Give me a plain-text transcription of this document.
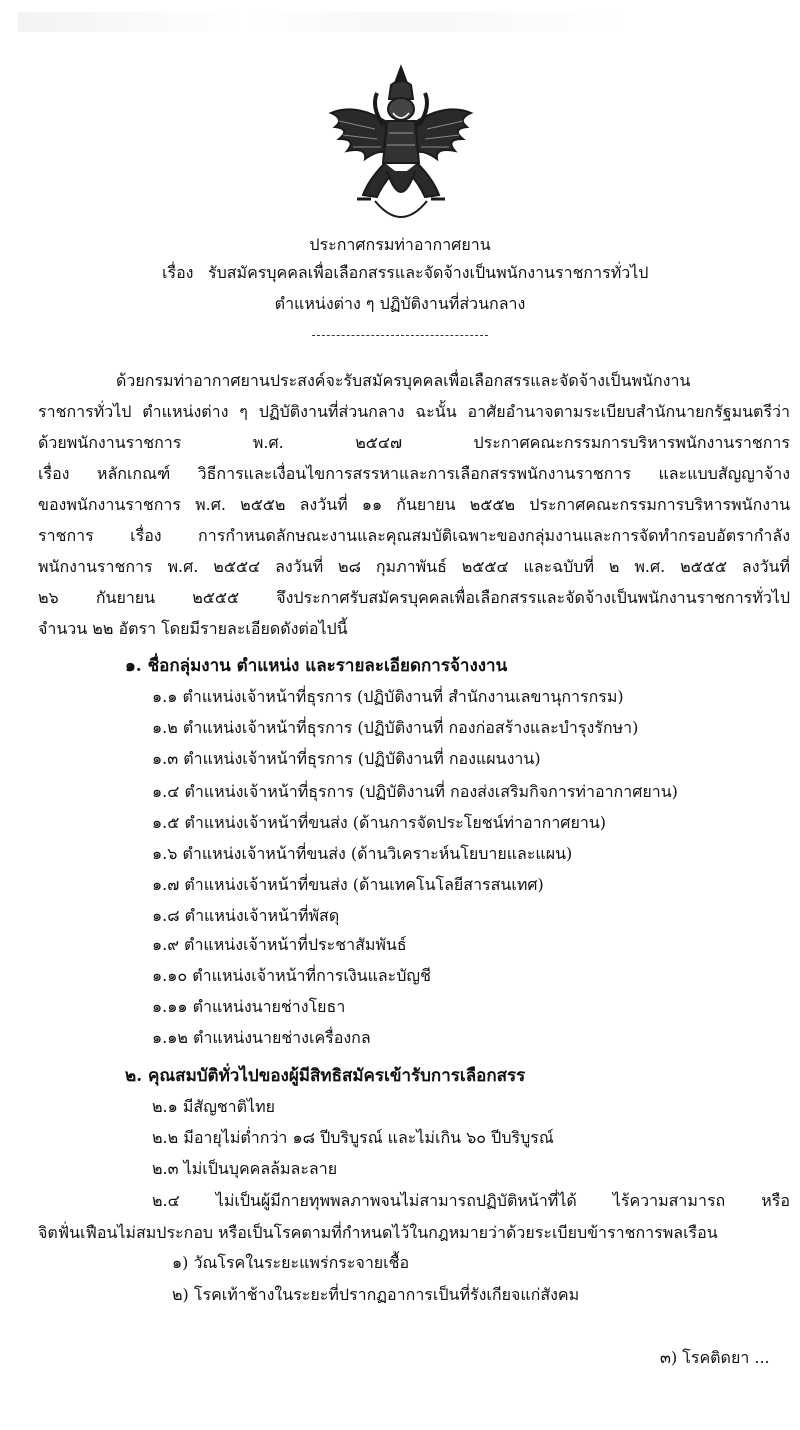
ประกาศกรมท่าอากาศยาน
เรื่อง รับสมัครบุคคลเพื่อเลือกสรรและจัดจ้างเป็นพนักงานราชการทั่วไป
ตำแหน่งต่าง ๆ ปฏิบัติงานที่ส่วนกลาง
ด้วยกรมท่าอากาศยานประสงค์จะรับสมัครบุคคลเพื่อเลือกสรรและจัดจ้างเป็นพนักงาน
ราชการทั่วไป ตำแหน่งต่าง ๆ ปฏิบัติงานที่ส่วนกลาง ฉะนั้น อาศัยอำนาจตามระเบียบสำนักนายกรัฐมนตรีว่า
ด้วยพนักงานราชการ พ.ศ. ๒๕๔๗ ประกาศคณะกรรมการบริหารพนักงานราชการ
เรื่อง หลักเกณฑ์ วิธีการและเงื่อนไขการสรรหาและการเลือกสรรพนักงานราชการ และแบบสัญญาจ้าง
ของพนักงานราชการ พ.ศ. ๒๕๕๒ ลงวันที่ ๑๑ กันยายน ๒๕๕๒ ประกาศคณะกรรมการบริหารพนักงาน
ราชการ เรื่อง การกำหนดลักษณะงานและคุณสมบัติเฉพาะของกลุ่มงานและการจัดทำกรอบอัตรากำลัง
พนักงานราชการ พ.ศ. ๒๕๕๔ ลงวันที่ ๒๘ กุมภาพันธ์ ๒๕๕๔ และฉบับที่ ๒ พ.ศ. ๒๕๕๕ ลงวันที่
๒๖ กันยายน ๒๕๕๕ จึงประกาศรับสมัครบุคคลเพื่อเลือกสรรและจัดจ้างเป็นพนักงานราชการทั่วไป
จำนวน ๒๒ อัตรา โดยมีรายละเอียดดังต่อไปนี้
๑. ชื่อกลุ่มงาน ตำแหน่ง และรายละเอียดการจ้างงาน
๑.๑ ตำแหน่งเจ้าหน้าที่ธุรการ (ปฏิบัติงานที่ สำนักงานเลขานุการกรม)
๑.๒ ตำแหน่งเจ้าหน้าที่ธุรการ (ปฏิบัติงานที่ กองก่อสร้างและบำรุงรักษา)
๑.๓ ตำแหน่งเจ้าหน้าที่ธุรการ (ปฏิบัติงานที่ กองแผนงาน)
๑.๔ ตำแหน่งเจ้าหน้าที่ธุรการ (ปฏิบัติงานที่ กองส่งเสริมกิจการท่าอากาศยาน)
๑.๕ ตำแหน่งเจ้าหน้าที่ขนส่ง (ด้านการจัดประโยชน์ท่าอากาศยาน)
๑.๖ ตำแหน่งเจ้าหน้าที่ขนส่ง (ด้านวิเคราะห์นโยบายและแผน)
๑.๗ ตำแหน่งเจ้าหน้าที่ขนส่ง (ด้านเทคโนโลยีสารสนเทศ)
๑.๘ ตำแหน่งเจ้าหน้าที่พัสดุ
๑.๙ ตำแหน่งเจ้าหน้าที่ประชาสัมพันธ์
๑.๑๐ ตำแหน่งเจ้าหน้าที่การเงินและบัญชี
๑.๑๑ ตำแหน่งนายช่างโยธา
๑.๑๒ ตำแหน่งนายช่างเครื่องกล
๒. คุณสมบัติทั่วไปของผู้มีสิทธิสมัครเข้ารับการเลือกสรร
๒.๑ มีสัญชาติไทย
๒.๒ มีอายุไม่ต่ำกว่า ๑๘ ปีบริบูรณ์ และไม่เกิน ๖๐ ปีบริบูรณ์
๒.๓ ไม่เป็นบุคคลล้มละลาย
๒.๔ ไม่เป็นผู้มีกายทุพพลภาพจนไม่สามารถปฏิบัติหน้าที่ได้ ไร้ความสามารถ หรือ
จิตฟั่นเฟือนไม่สมประกอบ หรือเป็นโรคตามที่กำหนดไว้ในกฎหมายว่าด้วยระเบียบข้าราชการพลเรือน
๑) วัณโรคในระยะแพร่กระจายเชื้อ
๒) โรคเท้าช้างในระยะที่ปรากฏอาการเป็นที่รังเกียจแก่สังคม
๓) โรคติดยา ...
